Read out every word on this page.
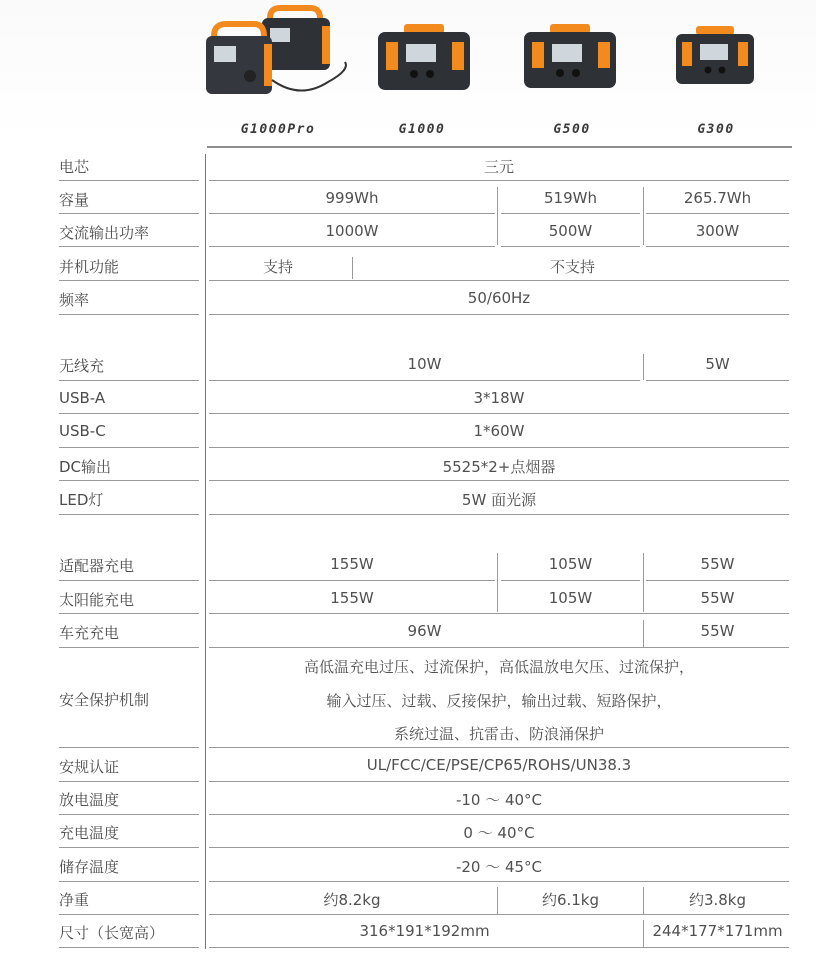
G1000Pro	G1000	G500	G300
电芯	三元
容量	999Wh	519Wh	265.7Wh
交流输出功率	1000W	500W	300W
并机功能	支持	不支持
频率	50/60Hz
无线充	10W	5W
USB-A	3*18W
USB-C	1*60W
DC输出	5525*2+点烟器
LED灯	5W 面光源
适配器充电	155W	105W	55W
太阳能充电	155W	105W	55W
车充充电	96W	55W
安全保护机制
高低温充电过压、过流保护，高低温放电欠压、过流保护，
输入过压、过载、反接保护，输出过载、短路保护，
系统过温、抗雷击、防浪涌保护
安规认证	UL/FCC/CE/PSE/CP65/ROHS/UN38.3
放电温度	-10 ～ 40°C
充电温度	0 ～ 40°C
储存温度	-20 ～ 45°C
净重	约8.2kg	约6.1kg	约3.8kg
尺寸（长宽高）	316*191*192mm	244*177*171mm
